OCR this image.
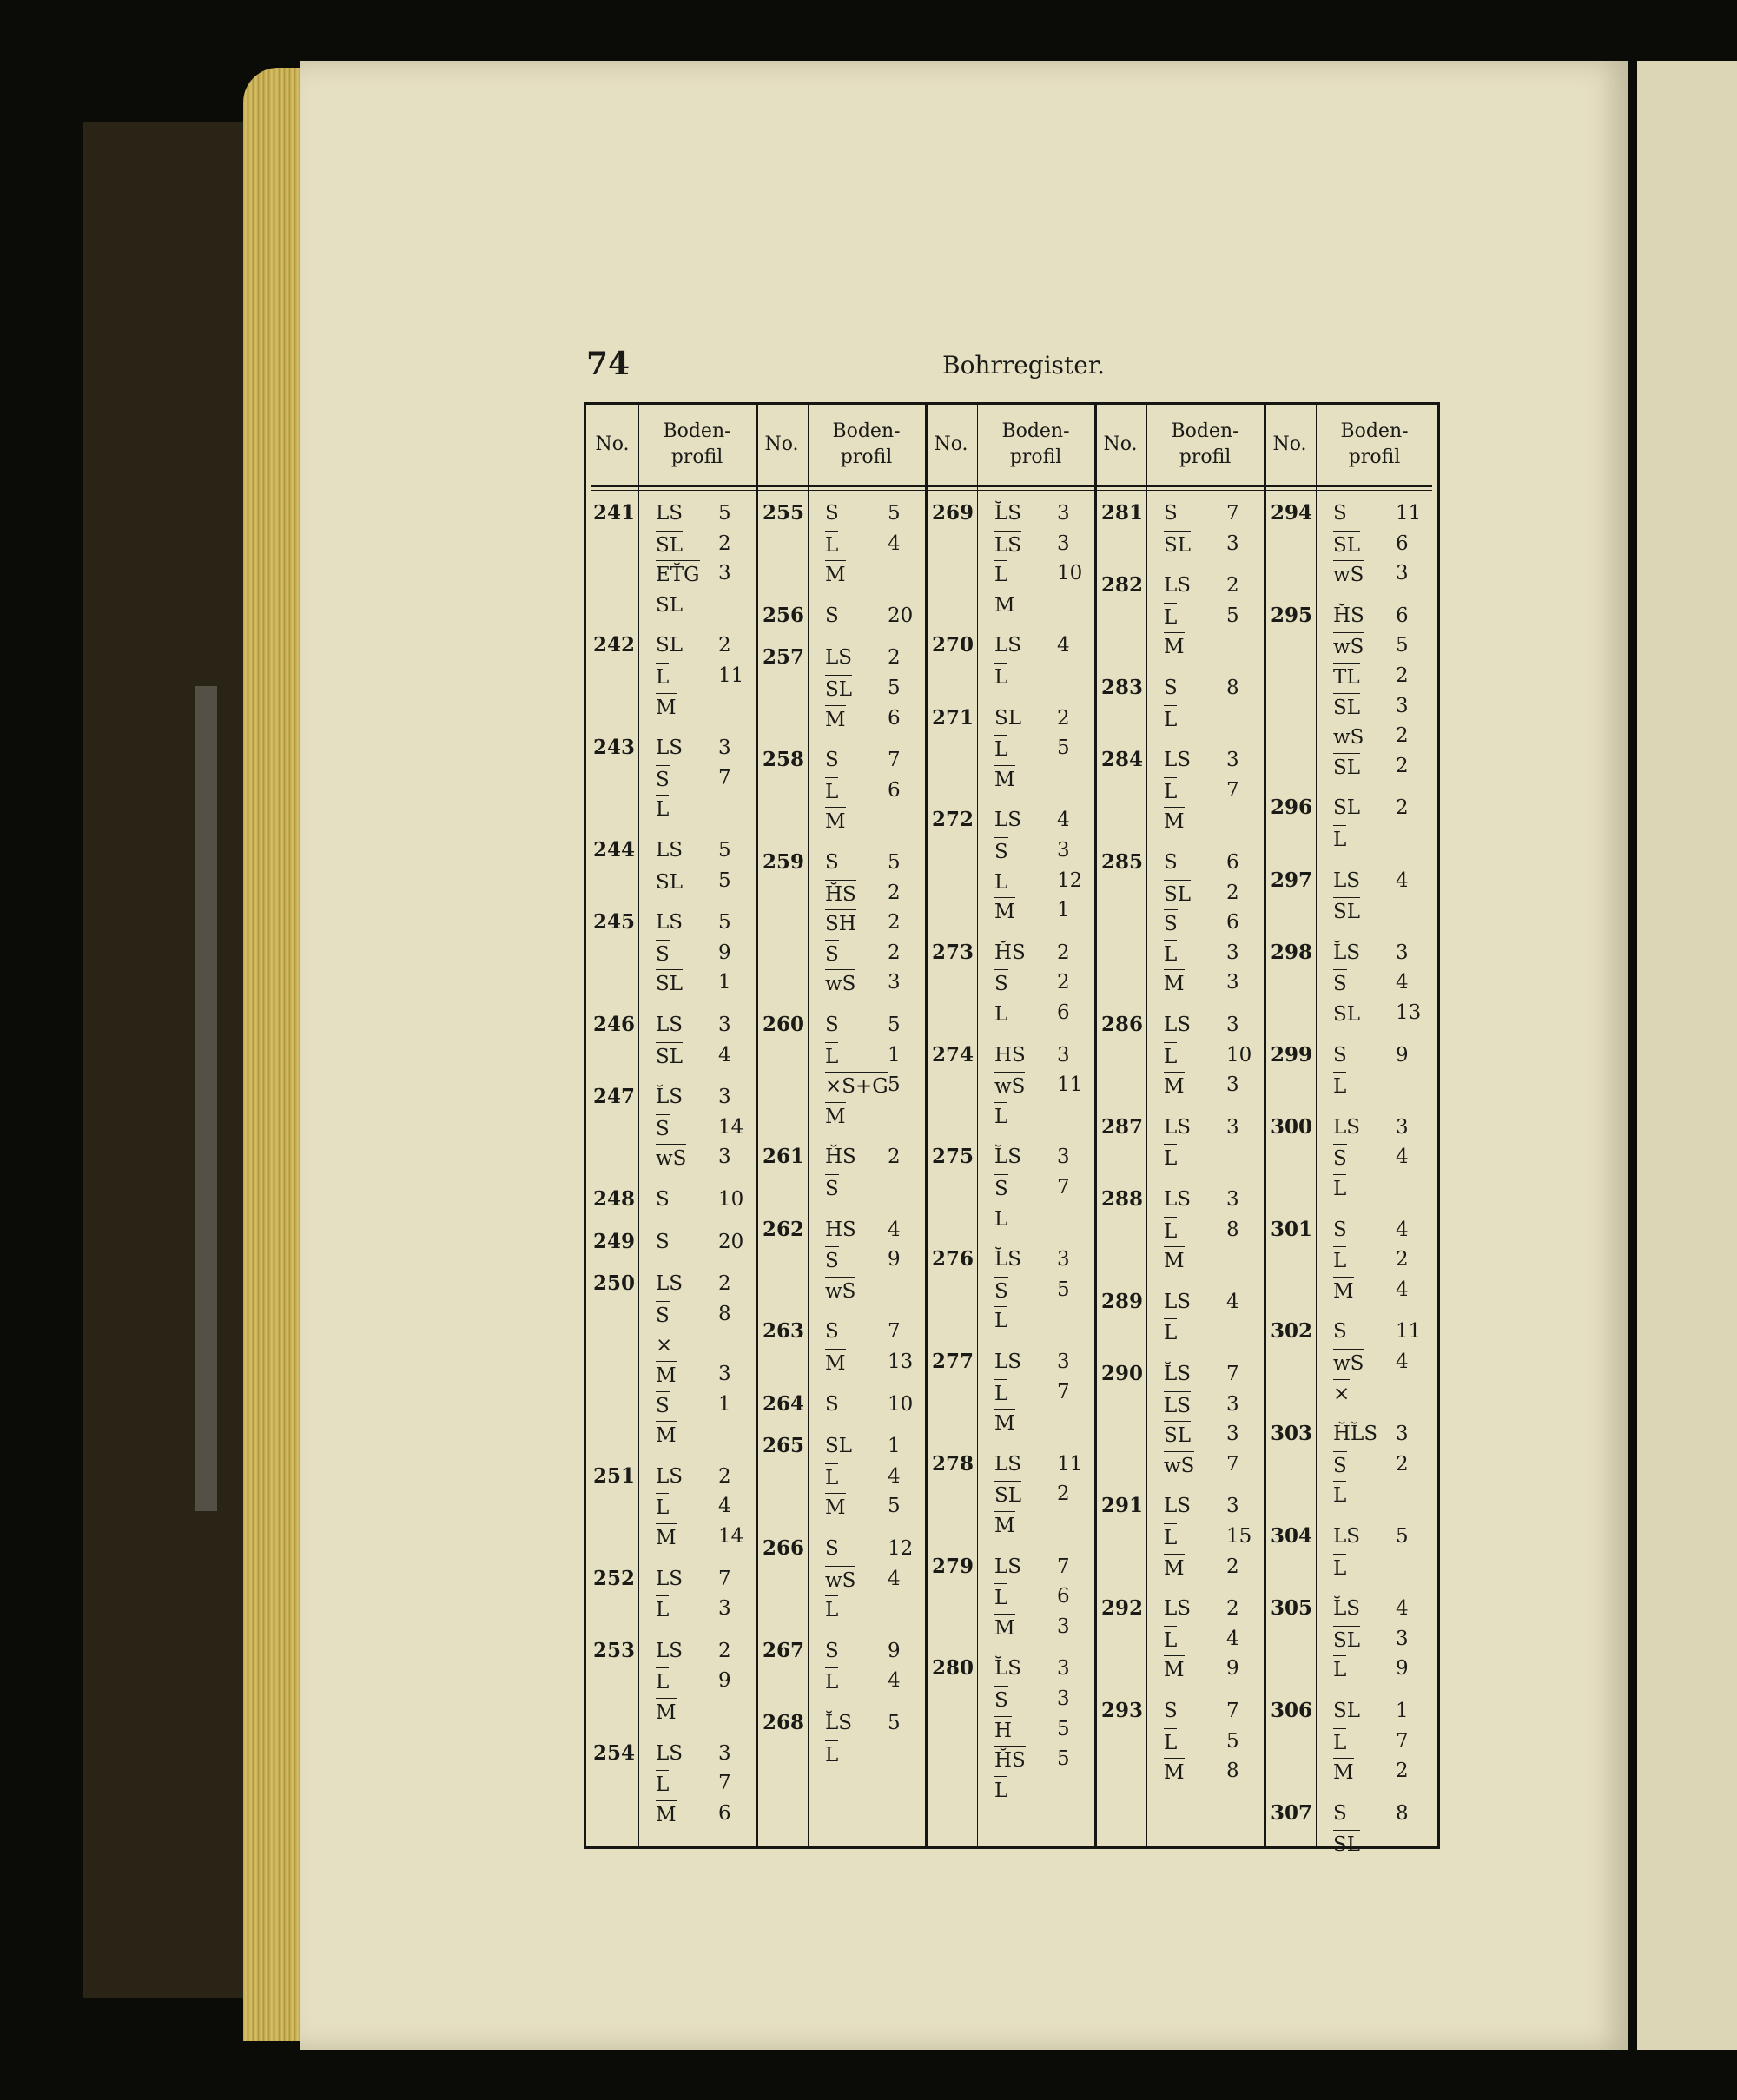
74	Bohrregister.
No.
Boden-
profil
241 LS 5
SL 2
ET̆G 3
SL
242 SL 2
L 11
M
243 LS 3
S 7
L
244 LS 5
SL 5
245 LS 5
S 9
SL 1
246 LS 3
SL 4
247 L̆S 3
S 14
wS 3
248 S 10
249 S 20
250 LS 2
S 8
×
M 3
S 1
M
251 LS 2
L 4
M 14
252 LS 7
L 3
253 LS 2
L 9
M
254 LS 3
L 7
M 6
No.
Boden-
profil
255 S 5
L 4
M
256 S 20
257 LS 2
SL 5
M 6
258 S 7
L 6
M
259 S 5
H̆S 2
SH 2
S 2
wS 3
260 S 5
L 1
×S+G 5
M
261 H̆S 2
S
262 HS 4
S 9
wS
263 S 7
M 13
264 S 10
265 SL 1
L 4
M 5
266 S 12
wS 4
L
267 S 9
L 4
268 L̆S 5
L
No.
Boden-
profil
269 L̆S 3
LS 3
L 10
M
270 LS 4
L
271 SL 2
L 5
M
272 LS 4
S 3
L 12
M 1
273 H̆S 2
S 2
L 6
274 HS 3
wS 11
L
275 L̆S 3
S 7
L
276 L̆S 3
S 5
L
277 LS 3
L 7
M
278 LS 11
SL 2
M
279 LS 7
L 6
M 3
280 L̆S 3
S 3
H 5
H̆S 5
L
No.
Boden-
profil
281 S 7
SL 3
282 LS 2
L 5
M
283 S 8
L
284 LS 3
L 7
M
285 S 6
SL 2
S 6
L 3
M 3
286 LS 3
L 10
M 3
287 LS 3
L
288 LS 3
L 8
M
289 LS 4
L
290 L̆S 7
LS 3
SL 3
wS 7
291 LS 3
L 15
M 2
292 LS 2
L 4
M 9
293 S 7
L 5
M 8
No.
Boden-
profil
294 S 11
SL 6
wS 3
295 H̆S 6
wS 5
TL 2
SL 3
wS 2
SL 2
296 SL 2
L
297 LS 4
SL
298 L̆S 3
S 4
SL 13
299 S 9
L
300 LS 3
S 4
L
301 S 4
L 2
M 4
302 S 11
wS 4
×
303 H̆L̆S 3
S 2
L
304 LS 5
L
305 L̆S 4
SL 3
L 9
306 SL 1
L 7
M 2
307 S 8
SL
